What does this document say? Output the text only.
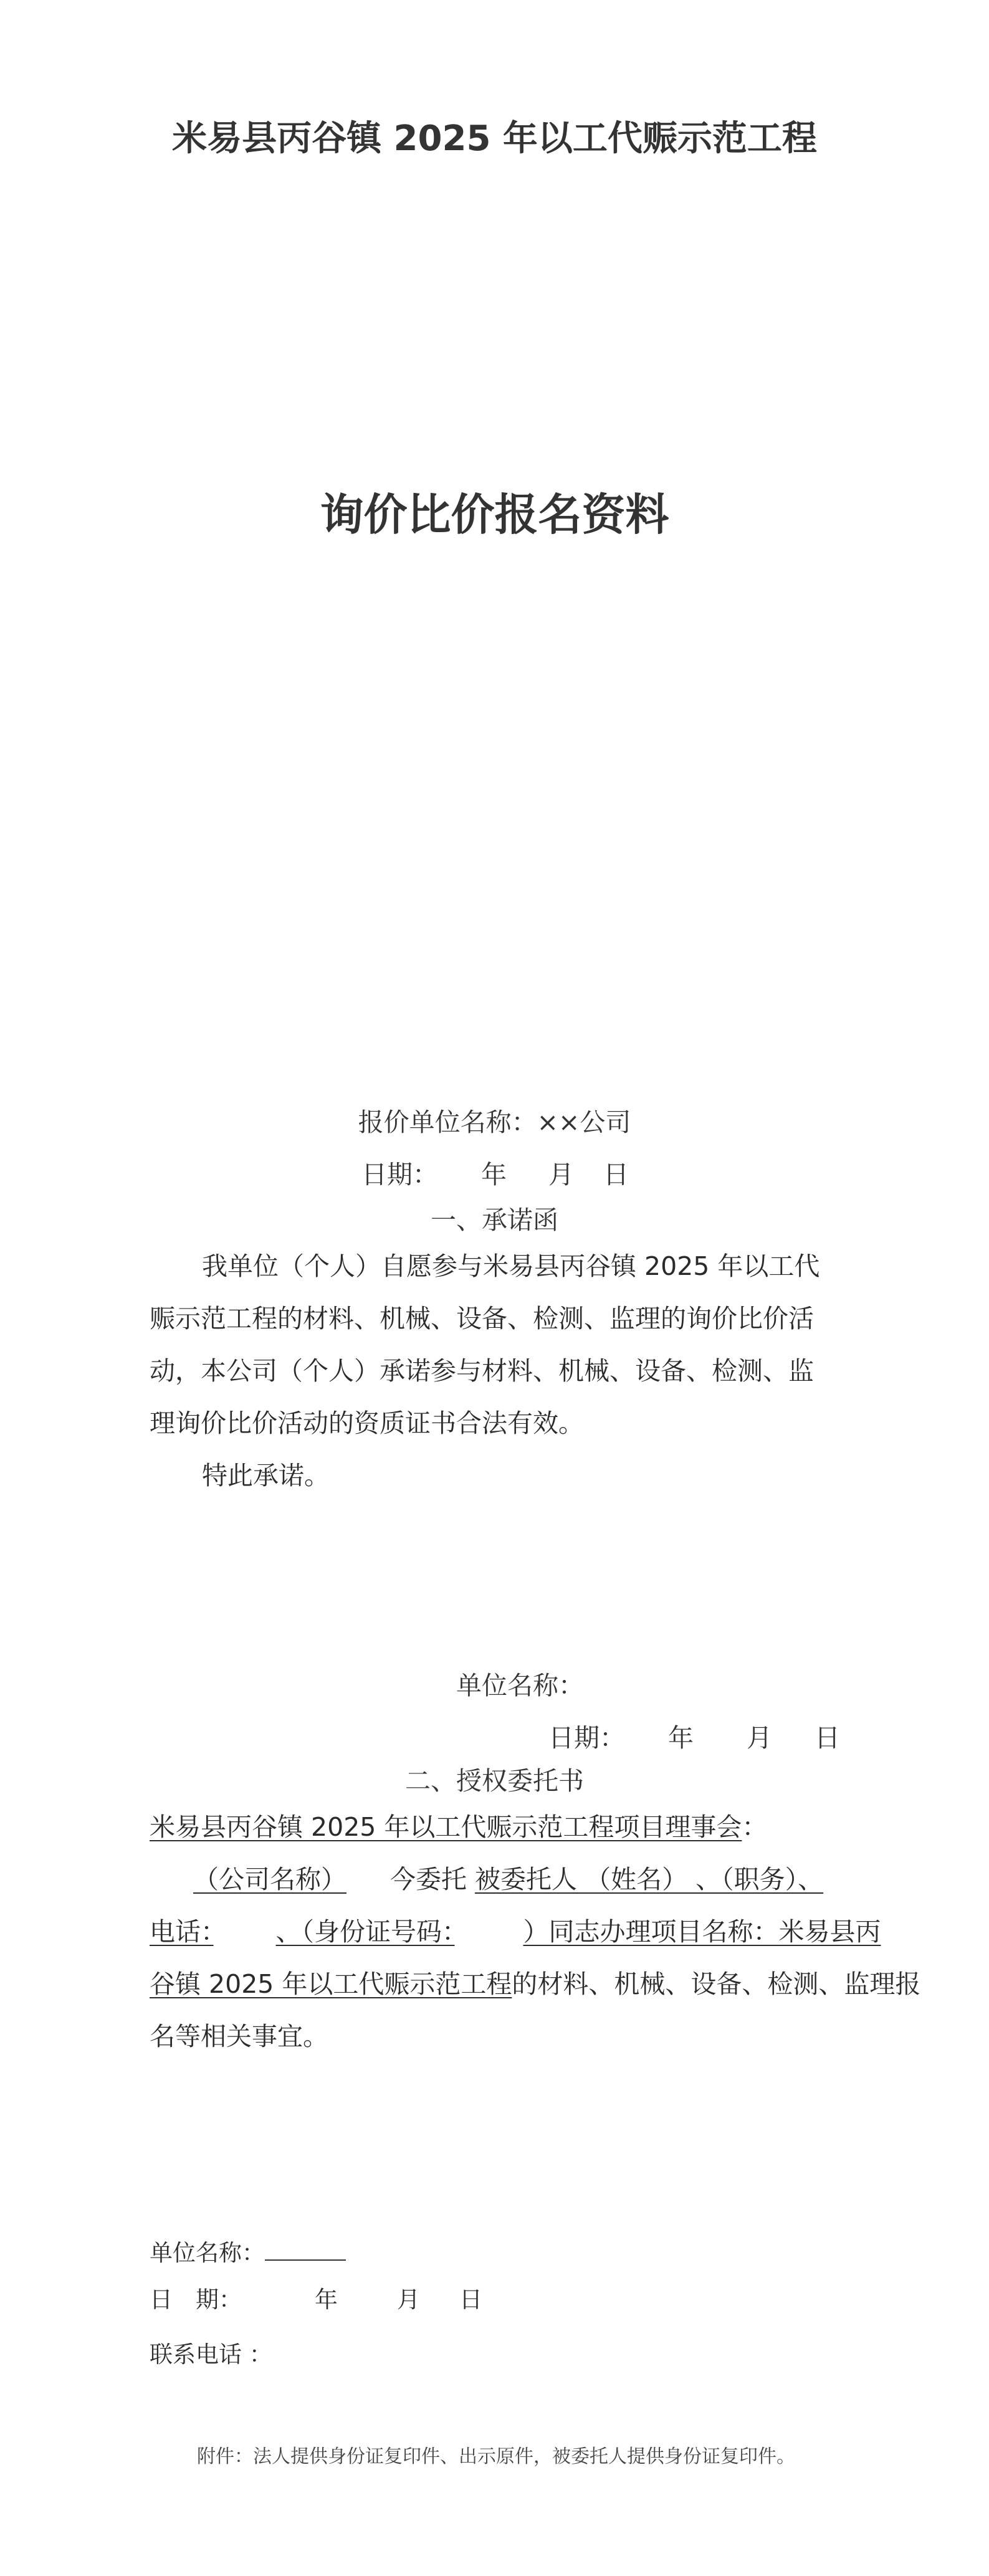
米易县丙谷镇 2025 年以工代赈示范工程
询价比价报名资料
报价单位名称：××公司
日期： 年 月 日
一、承诺函
我单位（个人）自愿参与米易县丙谷镇 2025 年以工代
赈示范工程的材料、机械、设备、检测、监理的询价比价活
动，本公司（个人）承诺参与材料、机械、设备、检测、监
理询价比价活动的资质证书合法有效。
特此承诺。
单位名称：
日期： 年 月 日
二、授权委托书
米易县丙谷镇 2025 年以工代赈示范工程项目理事会：
（公司名称） 今委托 被委托人 （姓名） 、（职务）、
电话： 、（身份证号码：	）同志办理项目名称：米易县丙
谷镇 2025 年以工代赈示范工程的材料、机械、设备、检测、监理报
名等相关事宜。
单位名称：
日　期：	年	月 日
联系电话 ：
附件：法人提供身份证复印件、出示原件，被委托人提供身份证复印件。
